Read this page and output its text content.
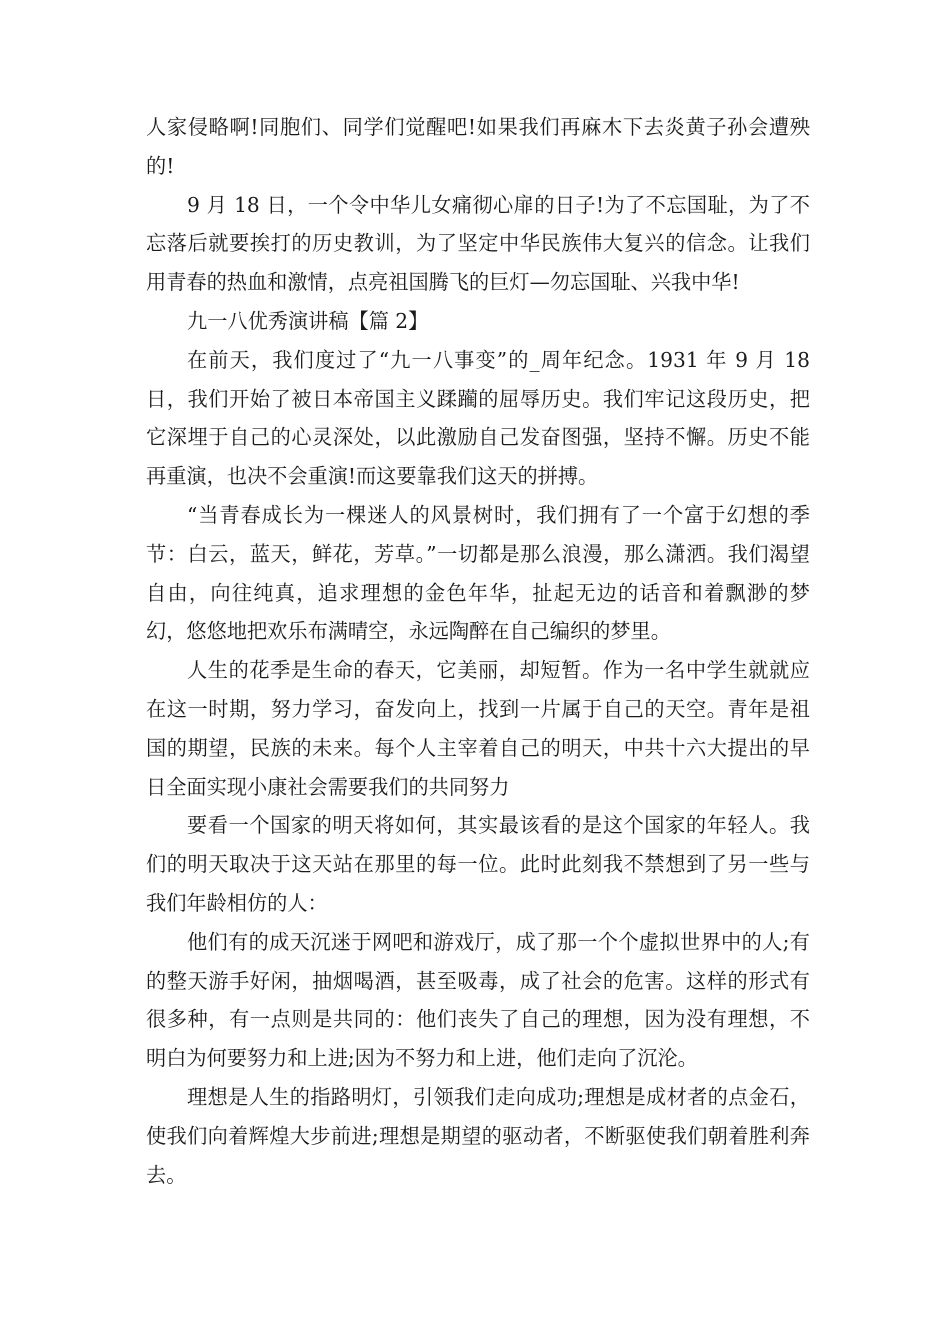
人家侵略啊!同胞们、同学们觉醒吧!如果我们再麻木下去炎黄子孙会遭殃的!

9 月 18 日，一个令中华儿女痛彻心扉的日子!为了不忘国耻，为了不忘落后就要挨打的历史教训，为了坚定中华民族伟大复兴的信念。让我们用青春的热血和激情，点亮祖国腾飞的巨灯—勿忘国耻、兴我中华!

九一八优秀演讲稿【篇 2】

在前天，我们度过了“九一八事变”的_周年纪念。1931 年 9 月 18 日，我们开始了被日本帝国主义蹂躏的屈辱历史。我们牢记这段历史，把它深埋于自己的心灵深处，以此激励自己发奋图强，坚持不懈。历史不能再重演，也决不会重演!而这要靠我们这天的拼搏。

“当青春成长为一棵迷人的风景树时，我们拥有了一个富于幻想的季节：白云，蓝天，鲜花，芳草。”一切都是那么浪漫，那么潇洒。我们渴望自由，向往纯真，追求理想的金色年华，扯起无边的话音和着飘渺的梦幻，悠悠地把欢乐布满晴空，永远陶醉在自己编织的梦里。

人生的花季是生命的春天，它美丽，却短暂。作为一名中学生就就应在这一时期，努力学习，奋发向上，找到一片属于自己的天空。青年是祖国的期望，民族的未来。每个人主宰着自己的明天，中共十六大提出的早日全面实现小康社会需要我们的共同努力

要看一个国家的明天将如何，其实最该看的是这个国家的年轻人。我们的明天取决于这天站在那里的每一位。此时此刻我不禁想到了另一些与我们年龄相仿的人：

他们有的成天沉迷于网吧和游戏厅，成了那一个个虚拟世界中的人;有的整天游手好闲，抽烟喝酒，甚至吸毒，成了社会的危害。这样的形式有很多种，有一点则是共同的：他们丧失了自己的理想，因为没有理想，不明白为何要努力和上进;因为不努力和上进，他们走向了沉沦。

理想是人生的指路明灯，引领我们走向成功;理想是成材者的点金石，使我们向着辉煌大步前进;理想是期望的驱动者，不断驱使我们朝着胜利奔去。
